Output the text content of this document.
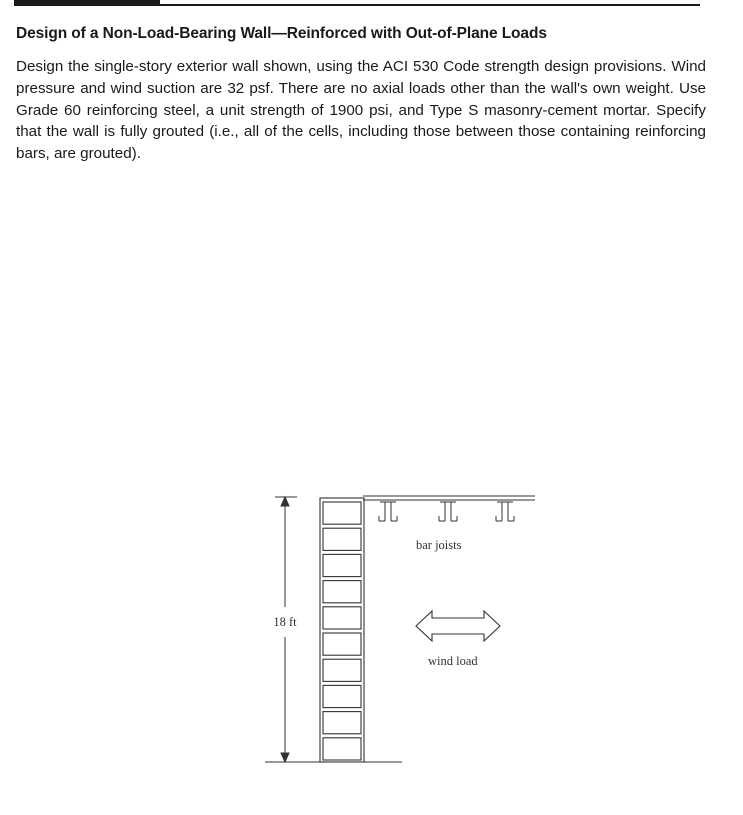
Design of a Non-Load-Bearing Wall—Reinforced with Out-of-Plane Loads

Design the single-story exterior wall shown, using the ACI 530 Code strength design provisions. Wind pressure and wind suction are 32 psf. There are no axial loads other than the wall's own weight. Use Grade 60 reinforcing steel, a unit strength of 1900 psi, and Type S masonry-cement mortar. Specify that the wall is fully grouted (i.e., all of the cells, including those between those containing reinforcing bars, are grouted).

18 ft
bar joists
wind load
